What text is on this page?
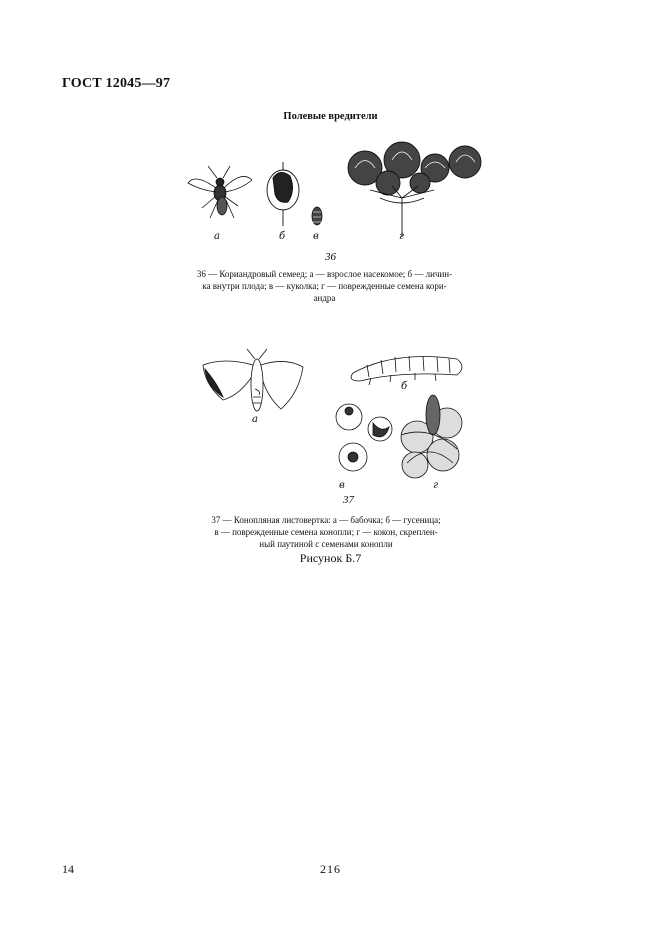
ГОСТ 12045—97
Полевые вредители
а	б	в	г
36
36 — Кориандровый семеед; а — взрослое насекомое; б — личин-
ка внутри плода; в — куколка; г — поврежденные семена кори-
андра
а
б
в	г
37
37 — Конопляная листовертка: а — бабочка; б — гусеница;
в — поврежденные семена конопли; г — кокон, скреплен-
ный паутиной с семенами конопли
Рисунок Б.7
14	216
